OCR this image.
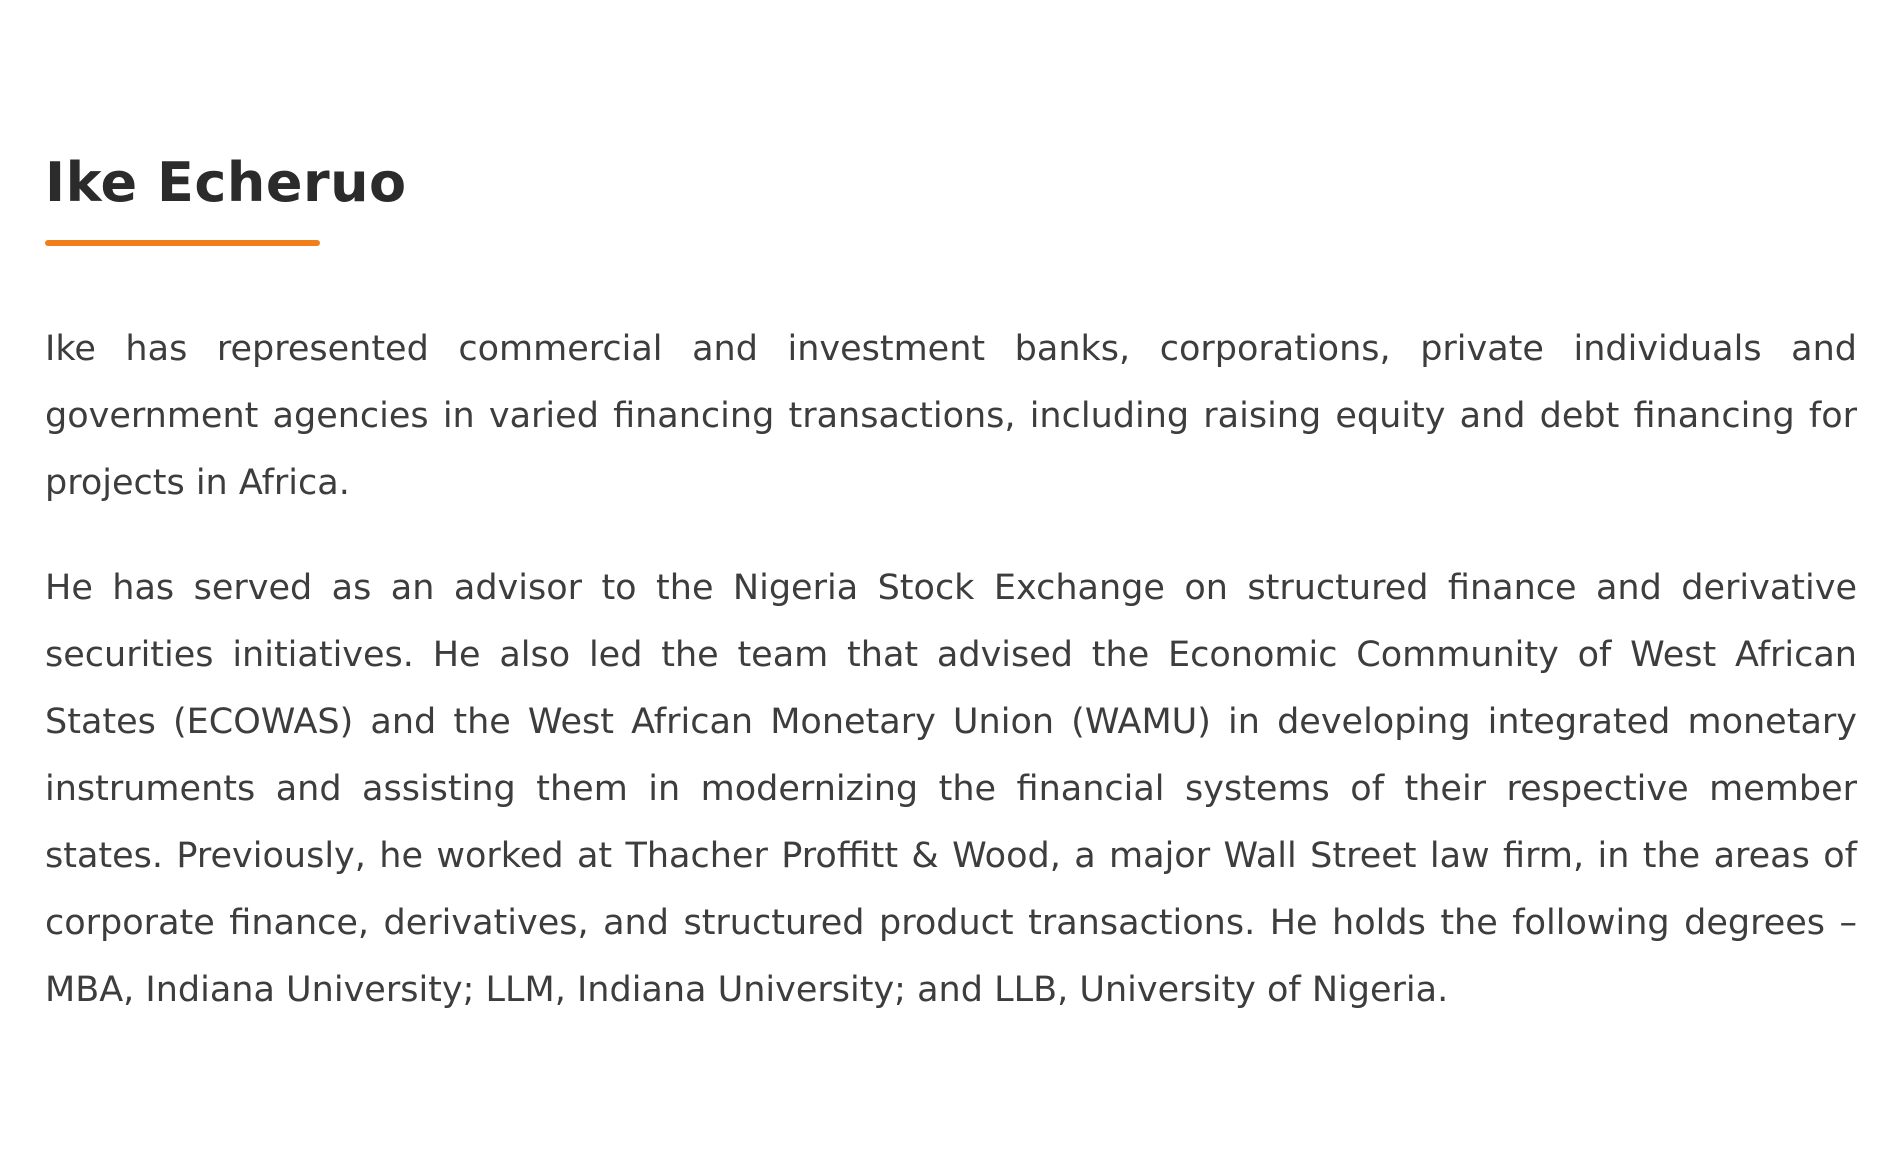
Ike Echeruo

Ike has represented commercial and investment banks, corporations, private individuals and government agencies in varied financing transactions, including raising equity and debt financing for projects in Africa.

He has served as an advisor to the Nigeria Stock Exchange on structured finance and derivative securities initiatives. He also led the team that advised the Economic Community of West African States (ECOWAS) and the West African Monetary Union (WAMU) in developing integrated monetary instruments and assisting them in modernizing the financial systems of their respective member states. Previously, he worked at Thacher Proffitt & Wood, a major Wall Street law firm, in the areas of corporate finance, derivatives, and structured product transactions. He holds the following degrees – MBA, Indiana University; LLM, Indiana University; and LLB, University of Nigeria.
